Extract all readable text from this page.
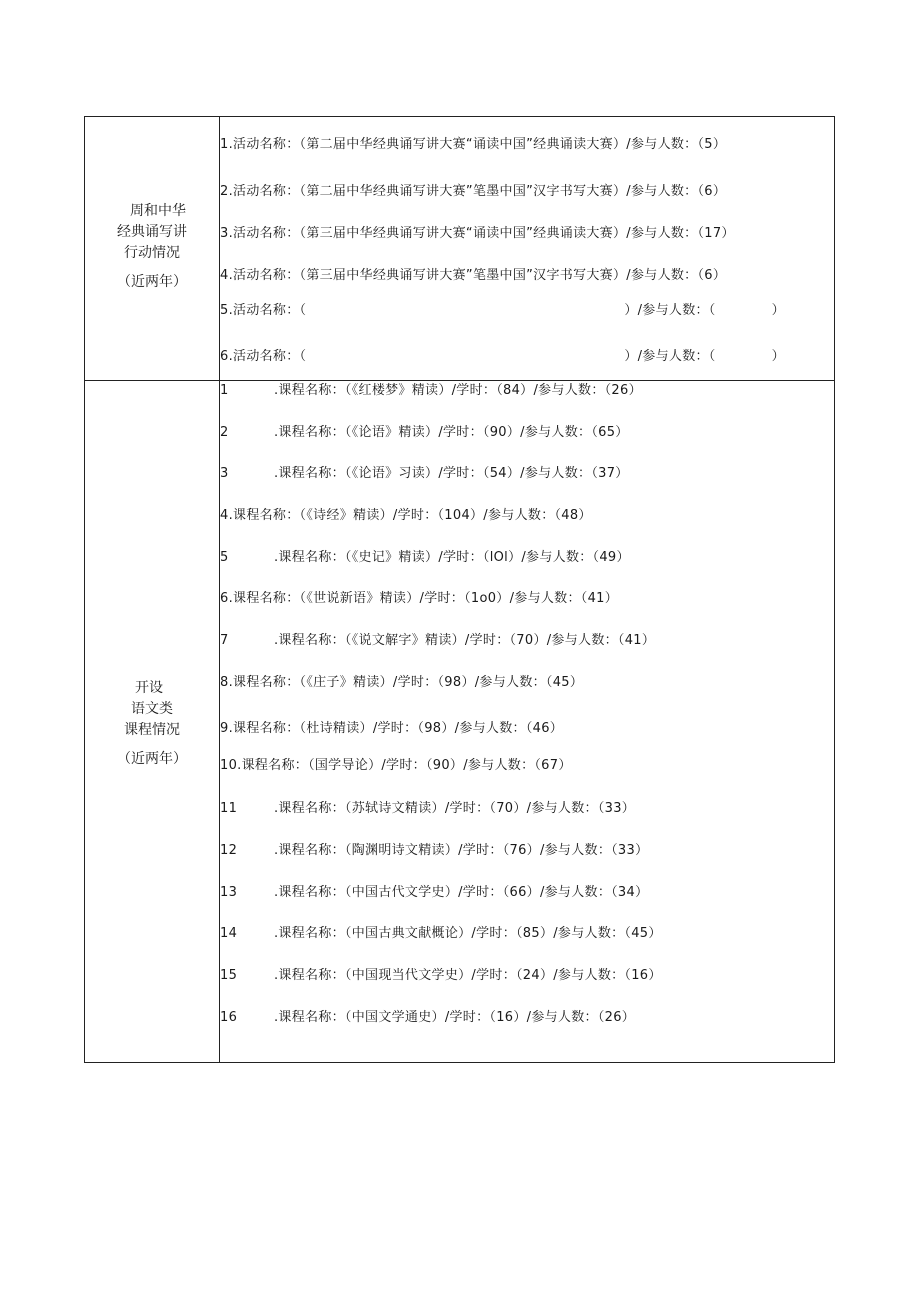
周和中华
经典诵写讲
行动情况
（近两年）
1.活动名称：（第二届中华经典诵写讲大赛“诵读中国”经典诵读大赛）/参与人数：（5）
2.活动名称：（第二届中华经典诵写讲大赛”笔墨中国”汉字书写大赛）/参与人数：（6）
3.活动名称：（第三届中华经典诵写讲大赛“诵读中国”经典诵读大赛）/参与人数：（17）
4.活动名称：（第三届中华经典诵写讲大赛”笔墨中国”汉字书写大赛）/参与人数：（6）
5.活动名称：（	）/参与人数：（	）
6.活动名称：（	）/参与人数：（	）
开设
语文类
课程情况
（近两年）
1	.课程名称：（《红楼梦》精读）/学时：（84）/参与人数：（26）
2	.课程名称：（《论语》精读）/学时：（90）/参与人数：（65）
3	.课程名称：（《论语》习读）/学时：（54）/参与人数：（37）
4.课程名称：（《诗经》精读）/学时：（104）/参与人数：（48）
5	.课程名称：（《史记》精读）/学时：（lOl）/参与人数：（49）
6.课程名称：（《世说新语》精读）/学时：（1o0）/参与人数：（41）
7	.课程名称：（《说文解字》精读）/学时：（70）/参与人数：（41）
8.课程名称：（《庄子》精读）/学时：（98）/参与人数：（45）
9.课程名称：（杜诗精读）/学时：（98）/参与人数：（46）
10.课程名称：（国学导论）/学时：（90）/参与人数：（67）
11	.课程名称：（苏轼诗文精读）/学时：（70）/参与人数：（33）
12	.课程名称：（陶渊明诗文精读）/学时：（76）/参与人数：（33）
13	.课程名称：（中国古代文学史）/学时：（66）/参与人数：（34）
14	.课程名称：（中国古典文献概论）/学时：（85）/参与人数：（45）
15	.课程名称：（中国现当代文学史）/学时：（24）/参与人数：（16）
16	.课程名称：（中国文学通史）/学时：（16）/参与人数：（26）
